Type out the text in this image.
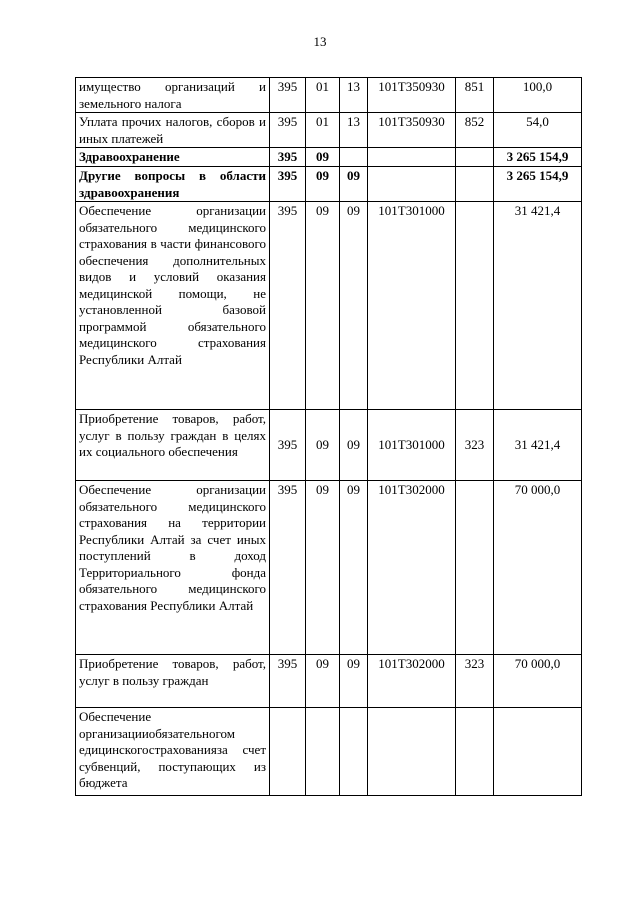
13
имущество организаций и земельного налога	395	01	13	101T350930	851	100,0
Уплата прочих налогов, сборов и иных платежей	395	01	13	101T350930	852	54,0
Здравоохранение	395	09				3 265 154,9
Другие вопросы в области здравоохранения	395	09	09			3 265 154,9
Обеспечение организации обязательного медицинского страхования в части финансового обеспечения дополнительных видов и условий оказания медицинской помощи, не установленной базовой программой обязательного медицинского страхования Республики Алтай	395	09	09	101T301000		31 421,4
Приобретение товаров, работ, услуг в пользу граждан в целях их социального обеспечения	395	09	09	101T301000	323	31 421,4
Обеспечение организации обязательного медицинского страхования на территории Республики Алтай за счет иных поступлений в доход Территориального фонда обязательного медицинского страхования Республики Алтай	395	09	09	101T302000		70 000,0
Приобретение товаров, работ, услуг в пользу граждан	395	09	09	101T302000	323	70 000,0
Обеспечение организацииобязательногом едицинскогострахованияза счет субвенций, поступающих из бюджета						
